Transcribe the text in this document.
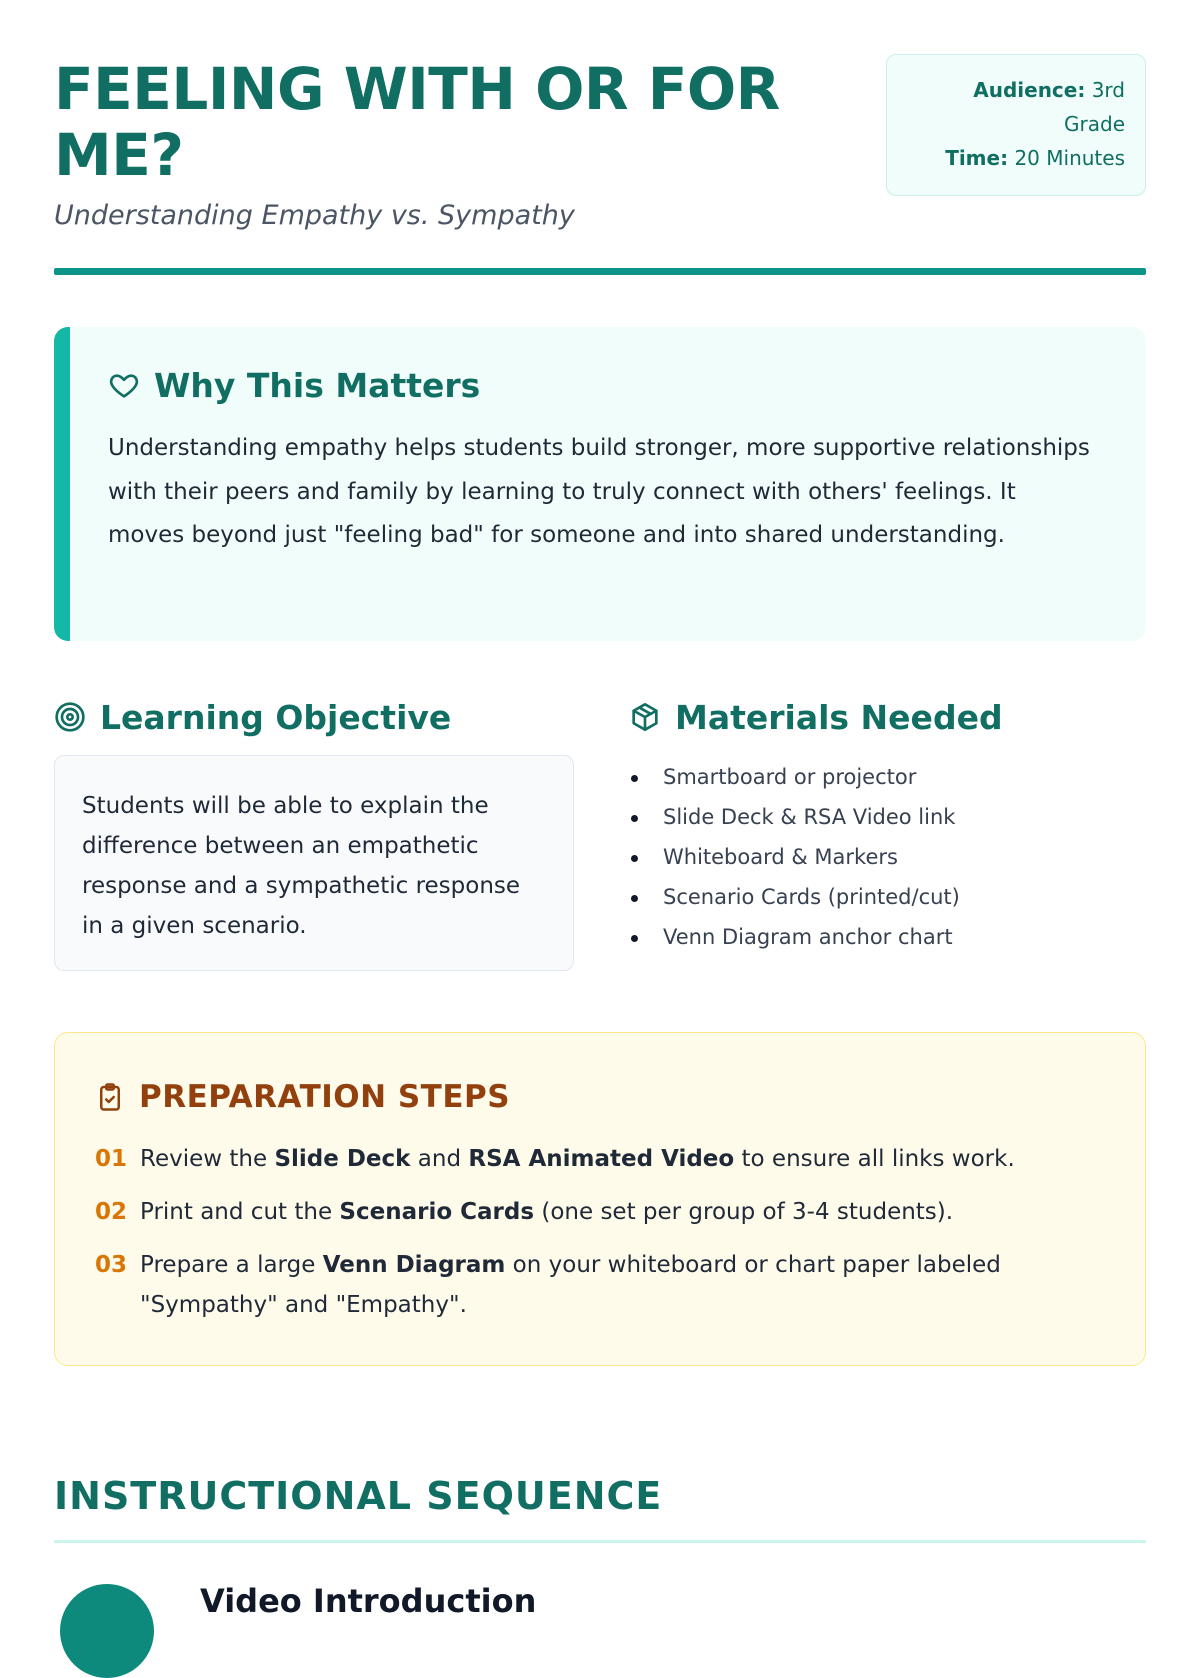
FEELING WITH OR FOR ME?
Understanding Empathy vs. Sympathy
Audience: 3rd Grade
Time: 20 Minutes
Why This Matters

Understanding empathy helps students build stronger, more supportive relationships with their peers and family by learning to truly connect with others' feelings. It moves beyond just "feeling bad" for someone and into shared understanding.

Learning Objective

Students will be able to explain the difference between an empathetic response and a sympathetic response in a given scenario.

Materials Needed
Smartboard or projector
Slide Deck & RSA Video link
Whiteboard & Markers
Scenario Cards (printed/cut)
Venn Diagram anchor chart
PREPARATION STEPS
01 Review the Slide Deck and RSA Animated Video to ensure all links work.
02 Print and cut the Scenario Cards (one set per group of 3-4 students).
03 Prepare a large Venn Diagram on your whiteboard or chart paper labeled "Sympathy" and "Empathy".
INSTRUCTIONAL SEQUENCE
Video Introduction
